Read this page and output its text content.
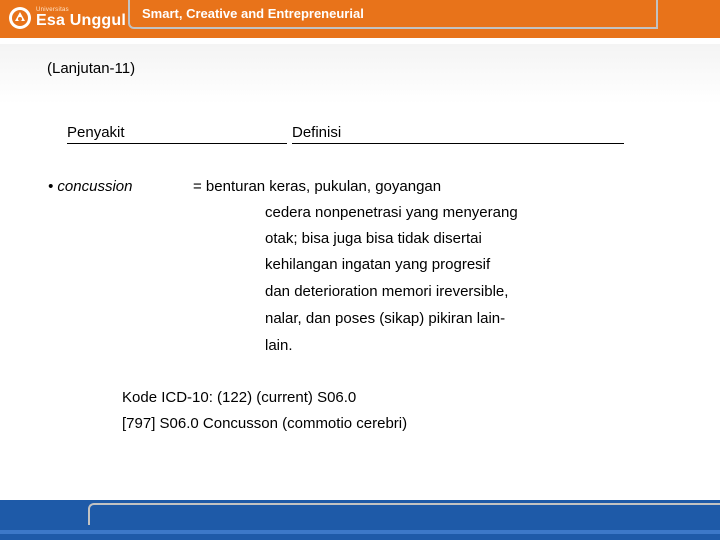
Universitas
Esa Unggul Smart, Creative and Entrepreneurial
(Lanjutan-11)
Penyakit	Definisi
• concussion	= benturan keras, pukulan, goyangan
cedera nonpenetrasi yang menyerang
otak; bisa juga bisa tidak disertai
kehilangan ingatan yang progresif
dan deterioration memori ireversible,
nalar, dan poses (sikap) pikiran lain-
lain.
Kode ICD-10: (122) (current) S06.0
[797] S06.0 Concusson (commotio cerebri)
